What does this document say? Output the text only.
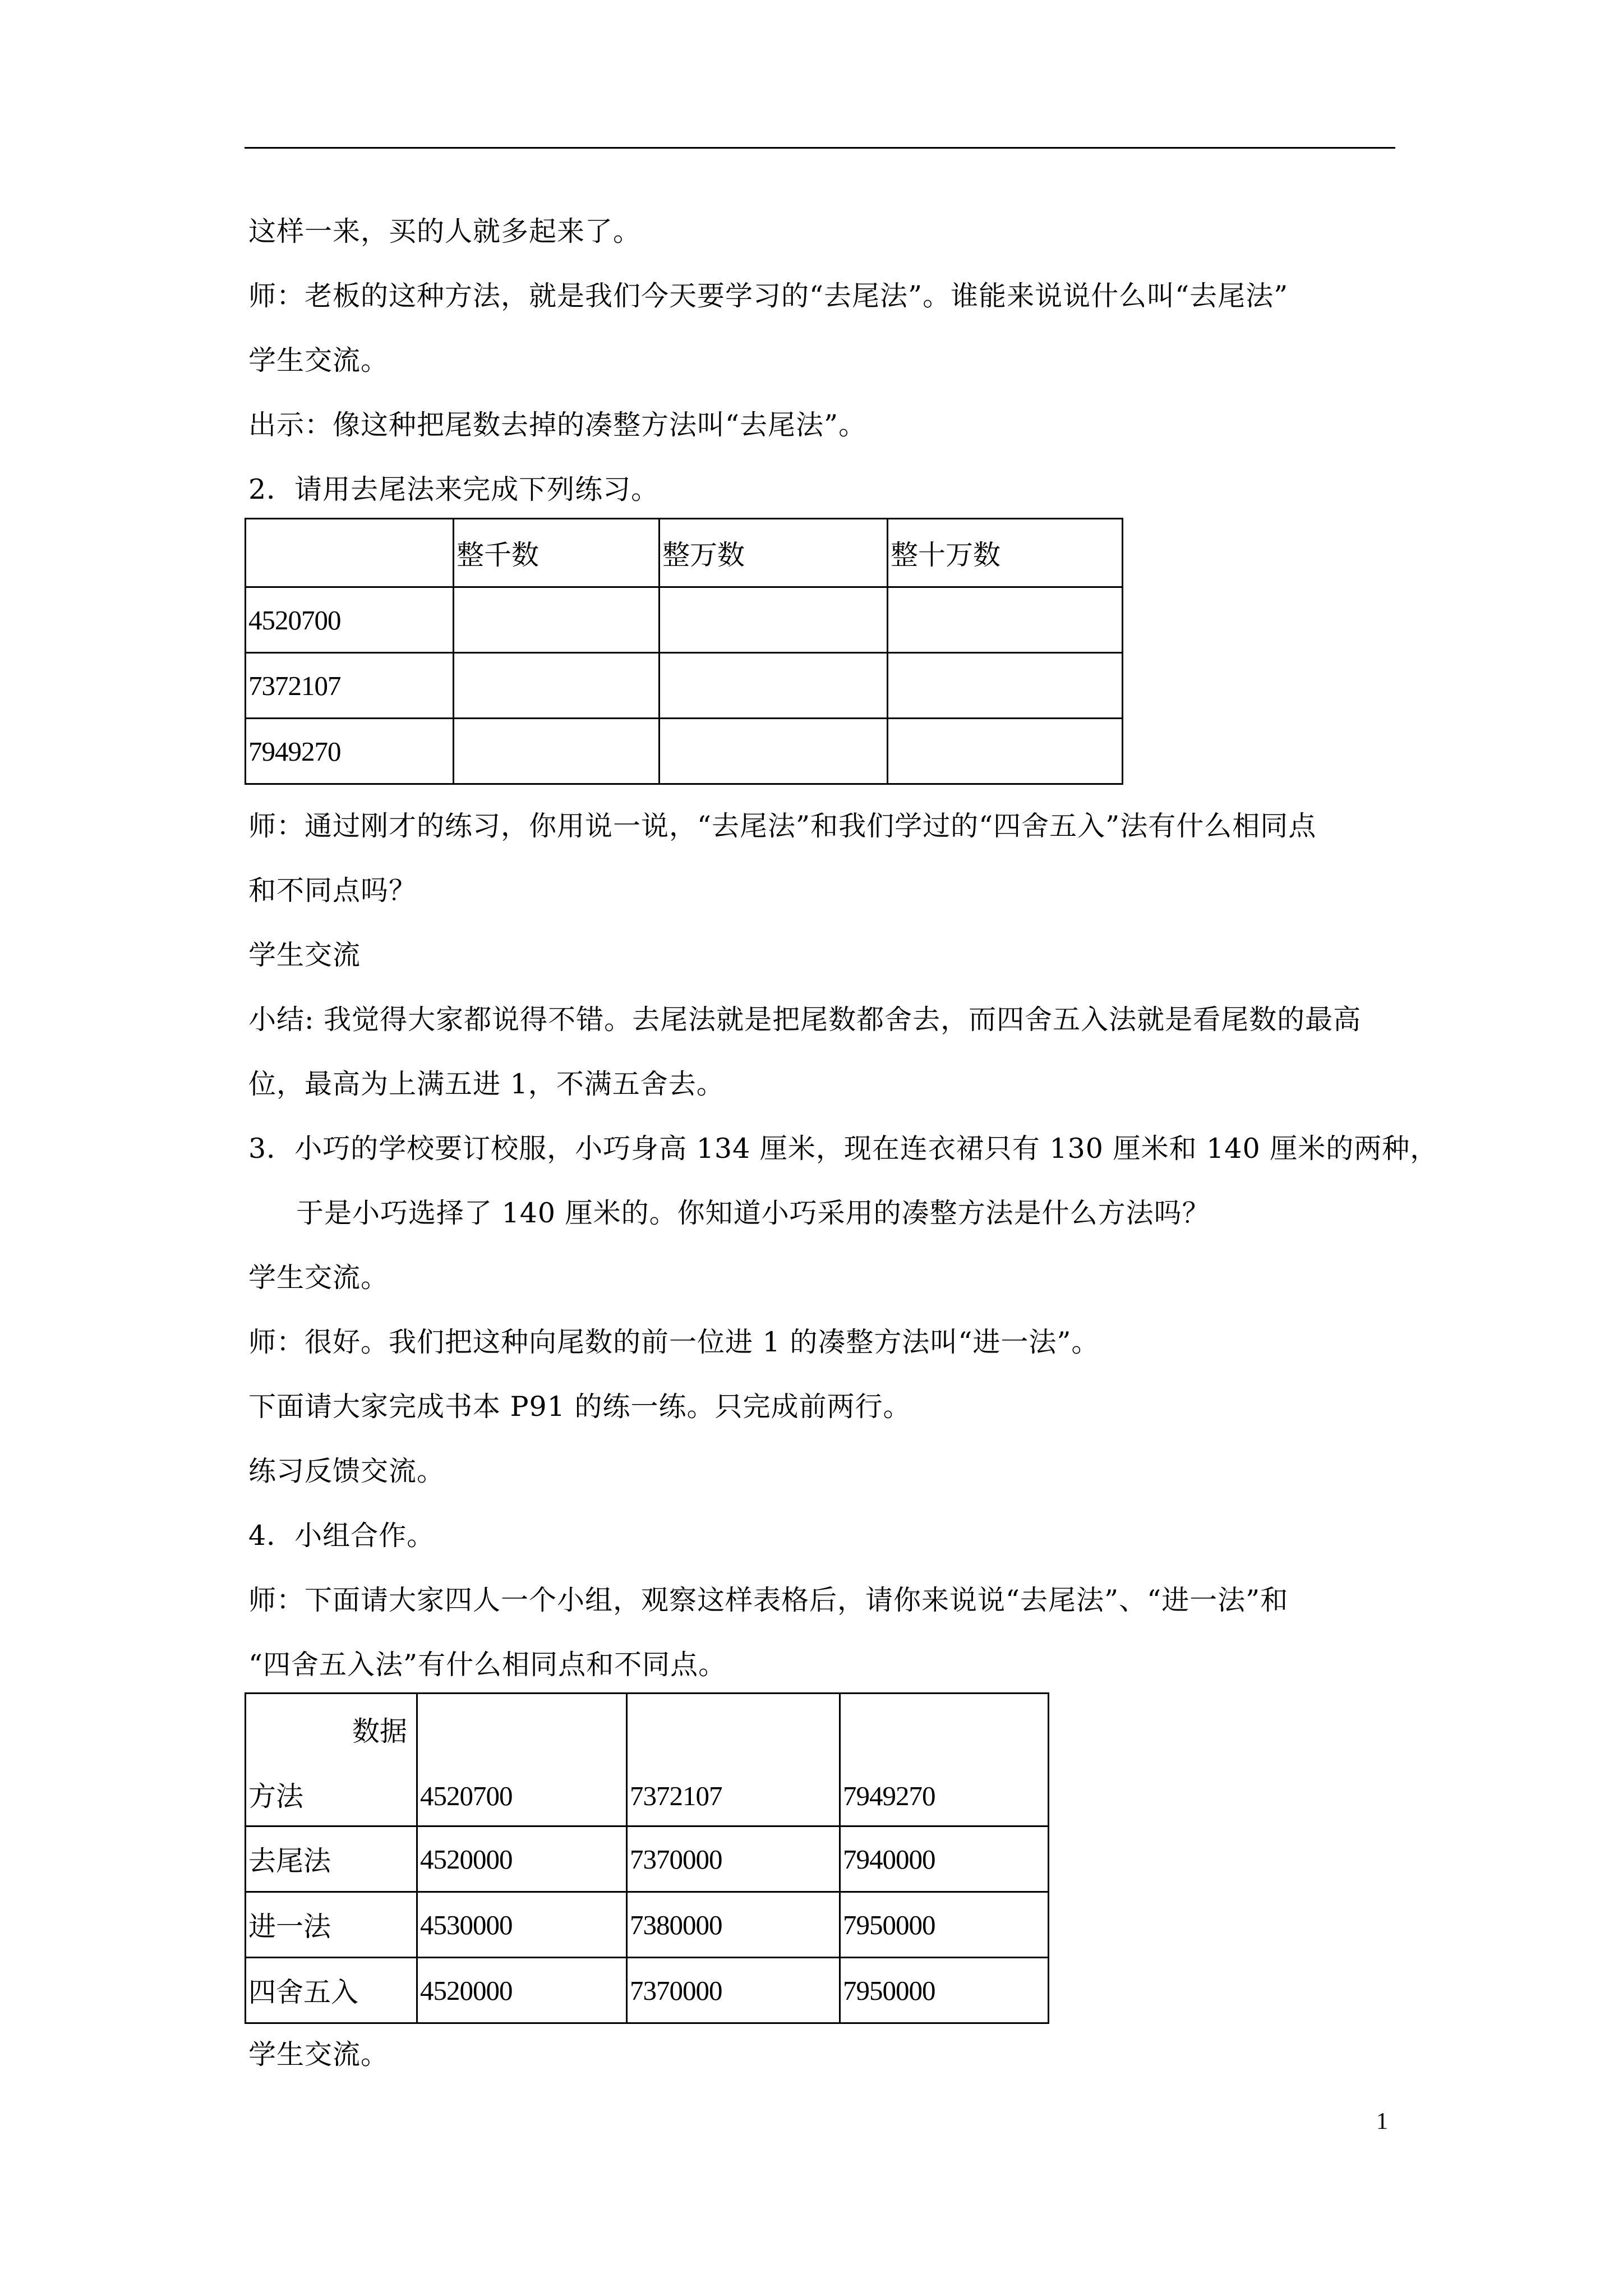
这样一来，买的人就多起来了。
师：老板的这种方法，就是我们今天要学习的“去尾法”。谁能来说说什么叫“去尾法”
学生交流。
出示：像这种把尾数去掉的凑整方法叫“去尾法”。
2．请用去尾法来完成下列练习。
	整千数	整万数	整十万数
4520700			
7372107			
7949270			
师：通过刚才的练习，你用说一说，“去尾法”和我们学过的“四舍五入”法有什么相同点
和不同点吗？
学生交流
小结: 我觉得大家都说得不错。去尾法就是把尾数都舍去，而四舍五入法就是看尾数的最高
位，最高为上满五进 1，不满五舍去。
3．小巧的学校要订校服，小巧身高 134 厘米，现在连衣裙只有 130 厘米和 140 厘米的两种，
于是小巧选择了 140 厘米的。你知道小巧采用的凑整方法是什么方法吗？
学生交流。
师：很好。我们把这种向尾数的前一位进 1 的凑整方法叫“进一法”。
下面请大家完成书本 P91 的练一练。只完成前两行。
练习反馈交流。
4．小组合作。
师：下面请大家四人一个小组，观察这样表格后，请你来说说“去尾法”、“进一法”和
“四舍五入法”有什么相同点和不同点。
数据
方法	4520700	7372107	7949270
去尾法	4520000	7370000	7940000
进一法	4530000	7380000	7950000
四舍五入	4520000	7370000	7950000
学生交流。
1
